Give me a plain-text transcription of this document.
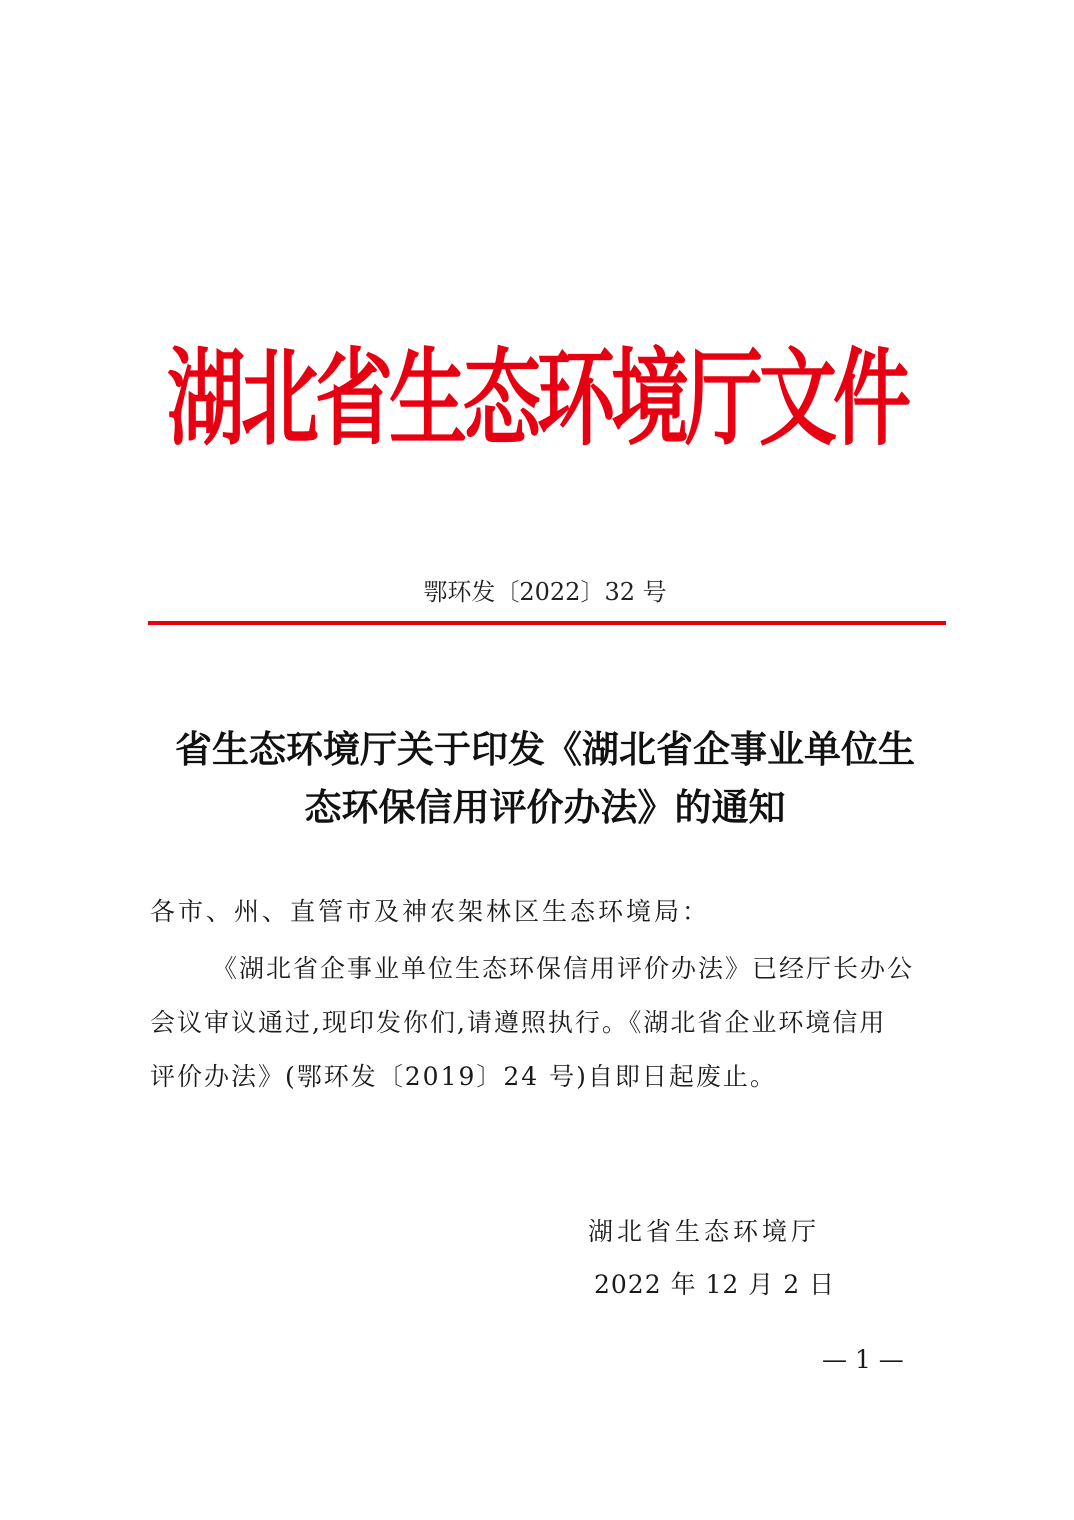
湖北省生态环境厅文件
鄂环发〔2022〕32 号
省生态环境厅关于印发《湖北省企事业单位生
态环保信用评价办法》的通知
各市、州、直管市及神农架林区生态环境局：
《湖北省企事业单位生态环保信用评价办法》已经厅长办公
会议审议通过,现印发你们,请遵照执行。《湖北省企业环境信用
评价办法》(鄂环发〔2019〕24 号)自即日起废止。
湖北省生态环境厅
2022 年 12 月 2 日
— 1 —
